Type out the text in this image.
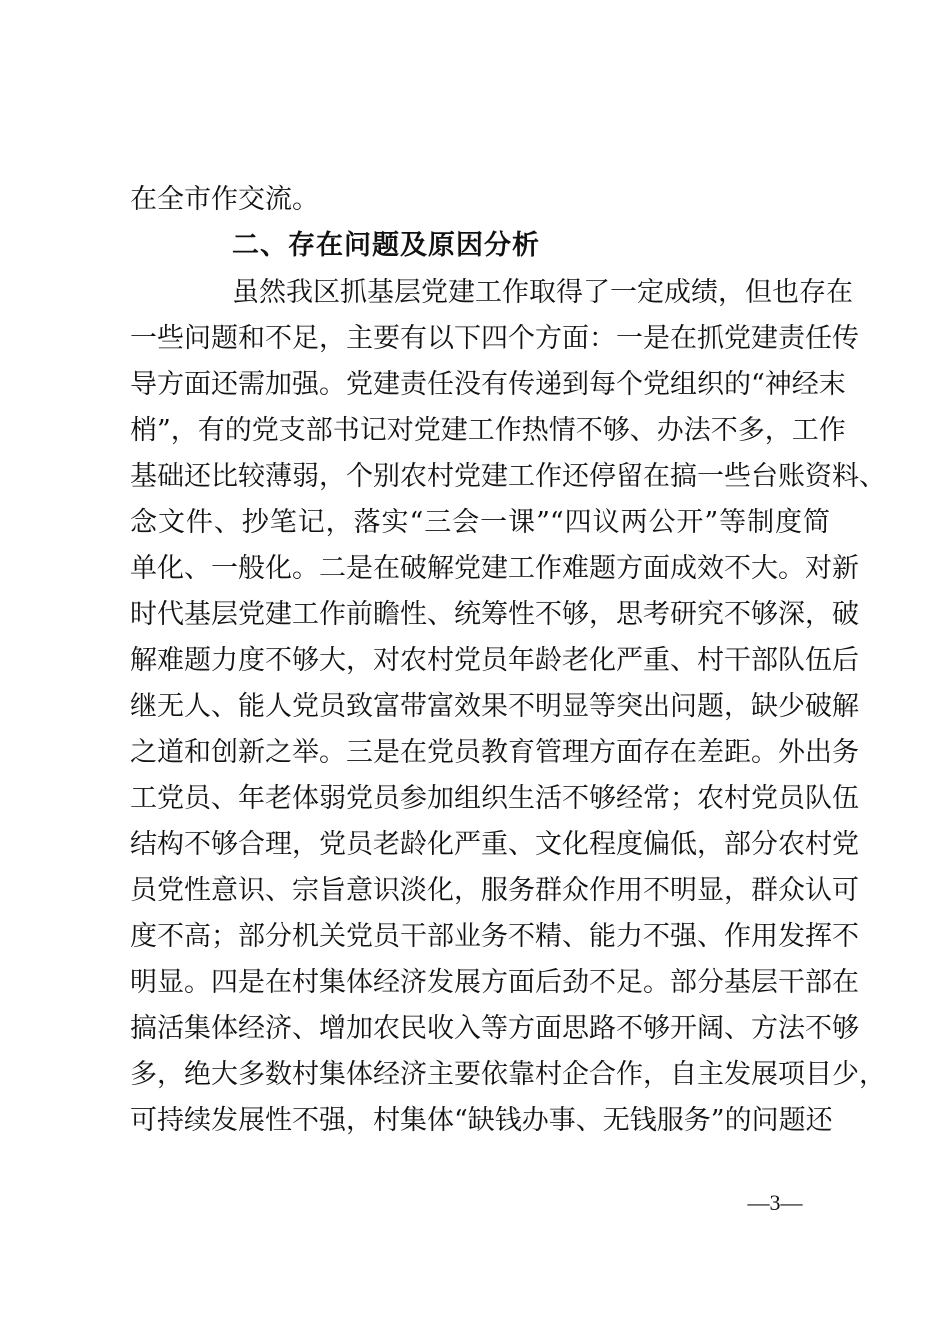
在全市作交流。
二、存在问题及原因分析
虽然我区抓基层党建工作取得了一定成绩，但也存在
一些问题和不足，主要有以下四个方面：一是在抓党建责任传
导方面还需加强。党建责任没有传递到每个党组织的“神经末
梢”，有的党支部书记对党建工作热情不够、办法不多，工作
基础还比较薄弱，个别农村党建工作还停留在搞一些台账资料、
念文件、抄笔记，落实“三会一课”“四议两公开”等制度简
单化、一般化。二是在破解党建工作难题方面成效不大。对新
时代基层党建工作前瞻性、统筹性不够，思考研究不够深，破
解难题力度不够大，对农村党员年龄老化严重、村干部队伍后
继无人、能人党员致富带富效果不明显等突出问题，缺少破解
之道和创新之举。三是在党员教育管理方面存在差距。外出务
工党员、年老体弱党员参加组织生活不够经常；农村党员队伍
结构不够合理，党员老龄化严重、文化程度偏低，部分农村党
员党性意识、宗旨意识淡化，服务群众作用不明显，群众认可
度不高；部分机关党员干部业务不精、能力不强、作用发挥不
明显。四是在村集体经济发展方面后劲不足。部分基层干部在
搞活集体经济、增加农民收入等方面思路不够开阔、方法不够
多，绝大多数村集体经济主要依靠村企合作，自主发展项目少，
可持续发展性不强，村集体“缺钱办事、无钱服务”的问题还
—3—
